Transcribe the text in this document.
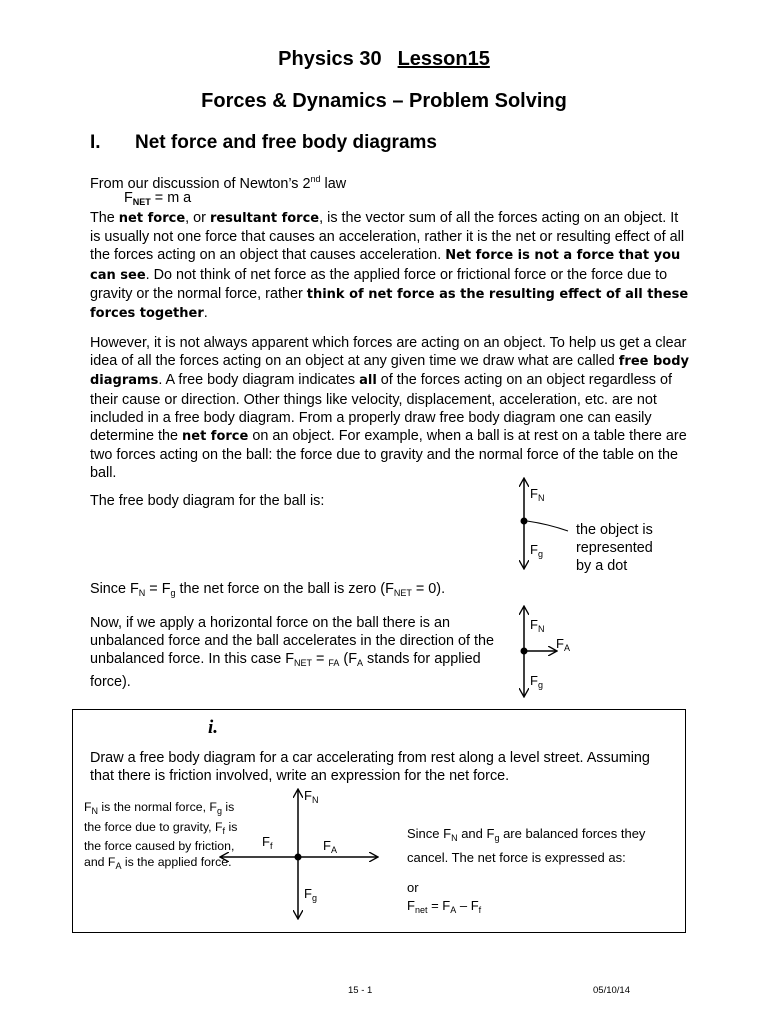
Physics 30 Lesson15
Forces & Dynamics – Problem Solving
I. Net force and free body diagrams
From our discussion of Newton’s 2nd law
$F_{NET} = m$ a
The net force, or resultant force, is the vector sum of all the forces acting on an object. It is usually not one force that causes an acceleration, rather it is the net or resulting effect of all the forces acting on an object that causes acceleration. Net force is not a force that you can see. Do not think of net force as the applied force or frictional force or the force due to gravity or the normal force, rather think of net force as the resulting effect of all these forces together.
However, it is not always apparent which forces are acting on an object. To help us get a clear idea of all the forces acting on an object at any given time we draw what are called free body diagrams. A free body diagram indicates all of the forces acting on an object regardless of their cause or direction. Other things like velocity, displacement, acceleration, etc. are not included in a free body diagram. From a properly draw free body diagram one can easily determine the net force on an object. For example, when a ball is at rest on a table there are two forces acting on the ball: the force due to gravity and the normal force of the table on the ball.
The free body diagram for the ball is:
Since $F_N = F_g$ the net force on the ball is zero $(F_{NET} = 0)$.
Now, if we apply a horizontal force on the ball there is an unbalanced force and the ball accelerates in the direction of the unbalanced force. In this case $F_{NET} = _{FA}$ ($F_A$ stands for applied force).
$F_N$
$F_g$
the object is
represented
by a dot
$F_N$
$F_A$
$F_g$
i.
Draw a free body diagram for a car accelerating from rest along a level street. Assuming that there is friction involved, write an expression for the net force.
$F_N$ is the normal force, $F_g$ is the force due to gravity, $F_f$ is the force caused by friction, and $F_A$ is the applied force.
$F_N$
$F_f$	$F_A$
$F_g$
Since $F_N$ and $F_g$ are balanced forces they cancel. The net force is expressed as:
or
$F_{net} = F_A - F_f$
15 - 1	05/10/14
